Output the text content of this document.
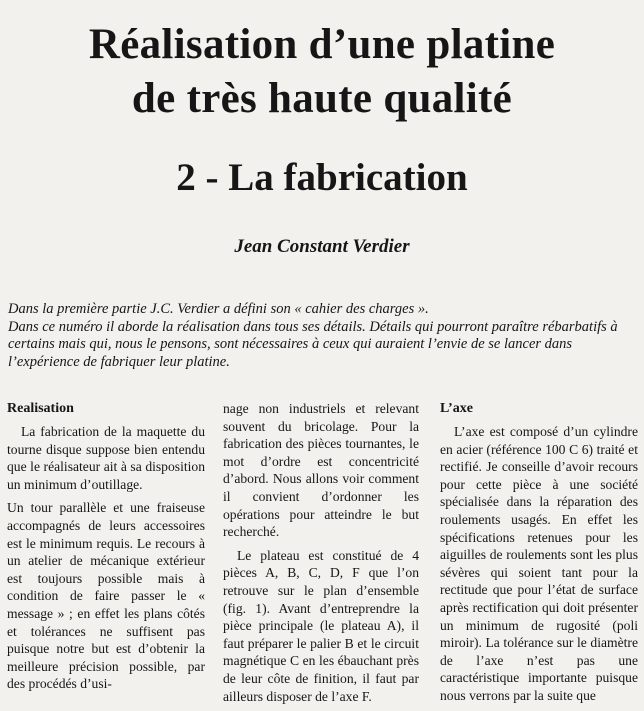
Réalisation d’une platine
de très haute qualité
2 - La fabrication
Jean Constant Verdier

Dans la première partie J.C. Verdier a défini son « cahier des charges ».

Dans ce numéro il aborde la réalisation dans tous ses détails. Détails qui pourront paraître rébarbatifs à certains mais qui, nous le pensons, sont nécessaires à ceux qui auraient l’envie de se lancer dans l’expérience de fabriquer leur platine.

Realisation

La fabrication de la maquette du tourne disque suppose bien entendu que le réalisateur ait à sa disposition un minimum d’outillage.

Un tour parallèle et une fraiseuse accompagnés de leurs accessoires est le minimum requis. Le recours à un atelier de mécanique extérieur est toujours possible mais à condition de faire passer le « message » ; en effet les plans côtés et tolérances ne suffisent pas puisque notre but est d’obtenir la meilleure précision possible, par des procédés d’usi-

nage non industriels et relevant souvent du bricolage. Pour la fabrication des pièces tournantes, le mot d’ordre est concentricité d’abord. Nous allons voir comment il convient d’ordonner les opérations pour atteindre le but recherché.

Le plateau est constitué de 4 pièces A, B, C, D, F que l’on retrouve sur le plan d’ensemble (fig. 1). Avant d’entreprendre la pièce principale (le plateau A), il faut préparer le palier B et le circuit magnétique C en les ébauchant près de leur côte de finition, il faut par ailleurs disposer de l’axe F.

L’axe

L’axe est composé d’un cylindre en acier (référence 100 C 6) traité et rectifié. Je conseille d’avoir recours pour cette pièce à une société spécialisée dans la réparation des roulements usagés. En effet les spécifications retenues pour les aiguilles de roulements sont les plus sévères qui soient tant pour la rectitude que pour l’état de surface après rectification qui doit présenter un minimum de rugosité (poli miroir). La tolérance sur le diamètre de l’axe n’est pas une caractéristique importante puisque nous verrons par la suite que
